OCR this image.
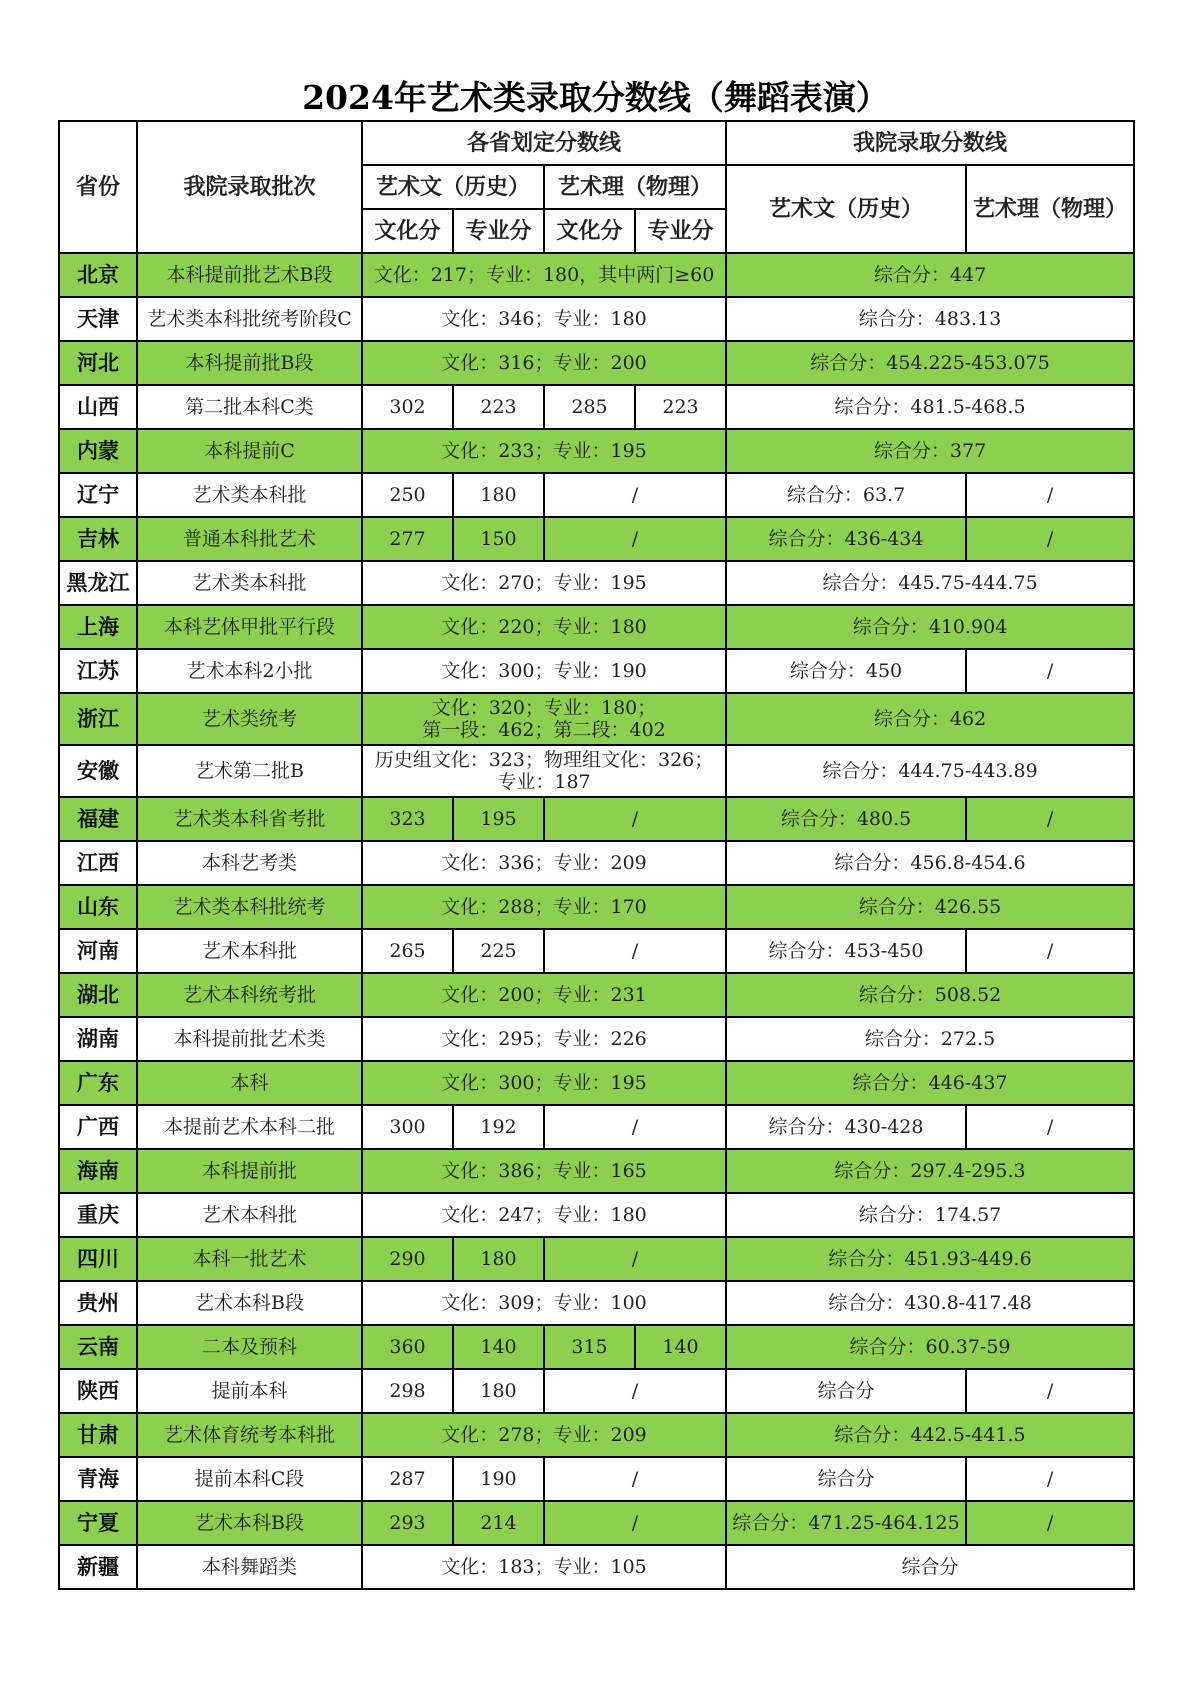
2024年艺术类录取分数线（舞蹈表演）
省份	我院录取批次	各省划定分数线				我院录取分数线	
		艺术文（历史）		艺术理（物理）		艺术文（历史）	艺术理（物理）
		文化分	专业分	文化分	专业分		
北京	本科提前批艺术B段	文化：217；专业：180，其中两门≥60				综合分：447	
天津	艺术类本科批统考阶段C	文化：346；专业：180				综合分：483.13	
河北	本科提前批B段	文化：316；专业：200				综合分：454.225-453.075	
山西	第二批本科C类	302	223	285	223	综合分：481.5-468.5	
内蒙	本科提前C	文化：233；专业：195				综合分：377	
辽宁	艺术类本科批	250	180	/		综合分：63.7	/
吉林	普通本科批艺术	277	150	/		综合分：436-434	/
黑龙江	艺术类本科批	文化：270；专业：195				综合分：445.75-444.75	
上海	本科艺体甲批平行段	文化：220；专业：180				综合分：410.904	
江苏	艺术本科2小批	文化：300；专业：190				综合分：450	/
浙江	艺术类统考	文化：320；专业：180；
第一段：462；第二段：402				综合分：462	
安徽	艺术第二批B	历史组文化：323；物理组文化：326；
专业：187				综合分：444.75-443.89	
福建	艺术类本科省考批	323	195	/		综合分：480.5	/
江西	本科艺考类	文化：336；专业：209				综合分：456.8-454.6	
山东	艺术类本科批统考	文化：288；专业：170				综合分：426.55	
河南	艺术本科批	265	225	/		综合分：453-450	/
湖北	艺术本科统考批	文化：200；专业：231				综合分：508.52	
湖南	本科提前批艺术类	文化：295；专业：226				综合分：272.5	
广东	本科	文化：300；专业：195				综合分：446-437	
广西	本提前艺术本科二批	300	192	/		综合分：430-428	/
海南	本科提前批	文化：386；专业：165				综合分：297.4-295.3	
重庆	艺术本科批	文化：247；专业：180				综合分：174.57	
四川	本科一批艺术	290	180	/		综合分：451.93-449.6	
贵州	艺术本科B段	文化：309；专业：100				综合分：430.8-417.48	
云南	二本及预科	360	140	315	140	综合分：60.37-59	
陕西	提前本科	298	180	/		综合分	/
甘肃	艺术体育统考本科批	文化：278；专业：209				综合分：442.5-441.5	
青海	提前本科C段	287	190	/		综合分	/
宁夏	艺术本科B段	293	214	/		综合分：471.25-464.125	/
新疆	本科舞蹈类	文化：183；专业：105				综合分	
